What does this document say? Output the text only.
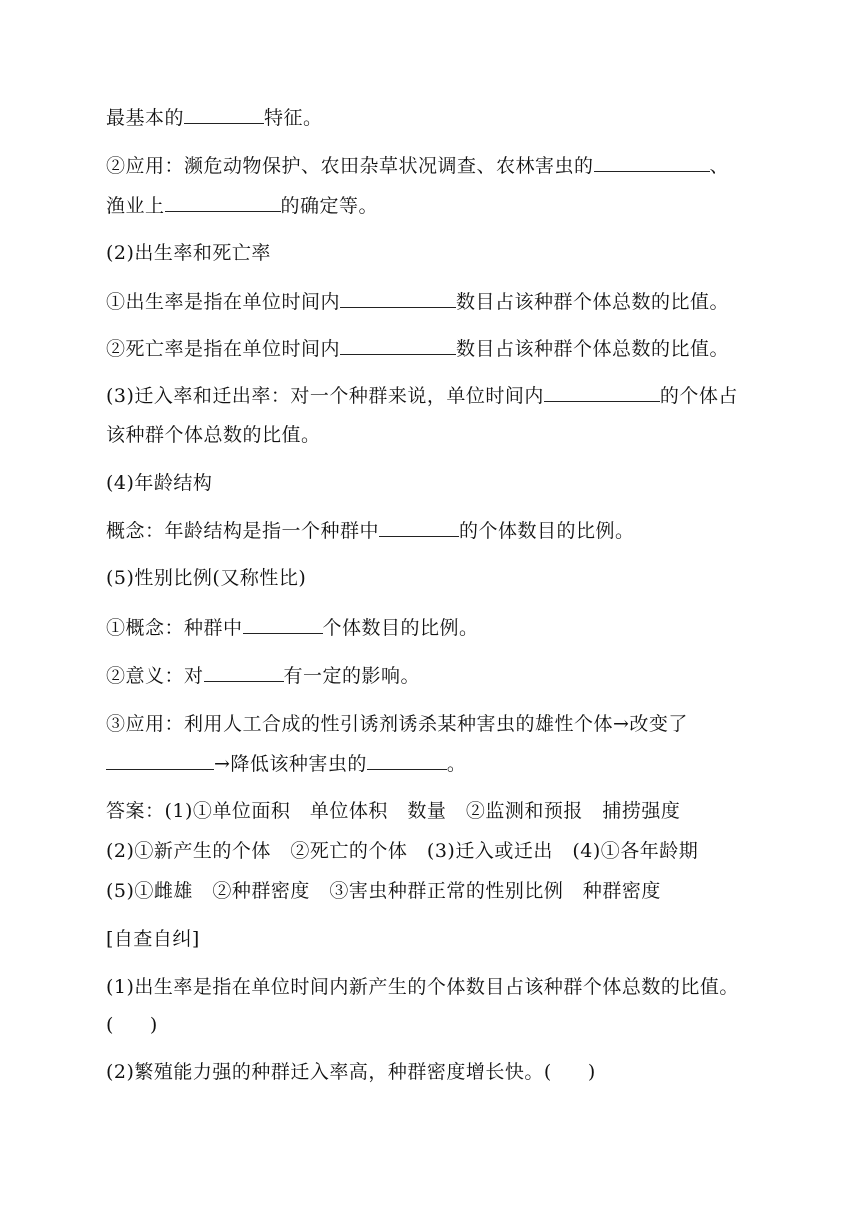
最基本的	特征。
②应用：濒危动物保护、农田杂草状况调查、农林害虫的	、
渔业上	的确定等。
(2)出生率和死亡率
①出生率是指在单位时间内	数目占该种群个体总数的比值。
②死亡率是指在单位时间内	数目占该种群个体总数的比值。
(3)迁入率和迁出率：对一个种群来说，单位时间内	的个体占
该种群个体总数的比值。
(4)年龄结构
概念：年龄结构是指一个种群中	的个体数目的比例。
(5)性别比例(又称性比)
①概念：种群中	个体数目的比例。
②意义：对	有一定的影响。
③应用：利用人工合成的性引诱剂诱杀某种害虫的雄性个体→改变了
→降低该种害虫的	。
答案：(1)①单位面积　单位体积　数量　②监测和预报　捕捞强度
(2)①新产生的个体　②死亡的个体　(3)迁入或迁出　(4)①各年龄期
(5)①雌雄　②种群密度　③害虫种群正常的性别比例　种群密度
[自查自纠]
(1)出生率是指在单位时间内新产生的个体数目占该种群个体总数的比值。
( )
(2)繁殖能力强的种群迁入率高，种群密度增长快。( )
